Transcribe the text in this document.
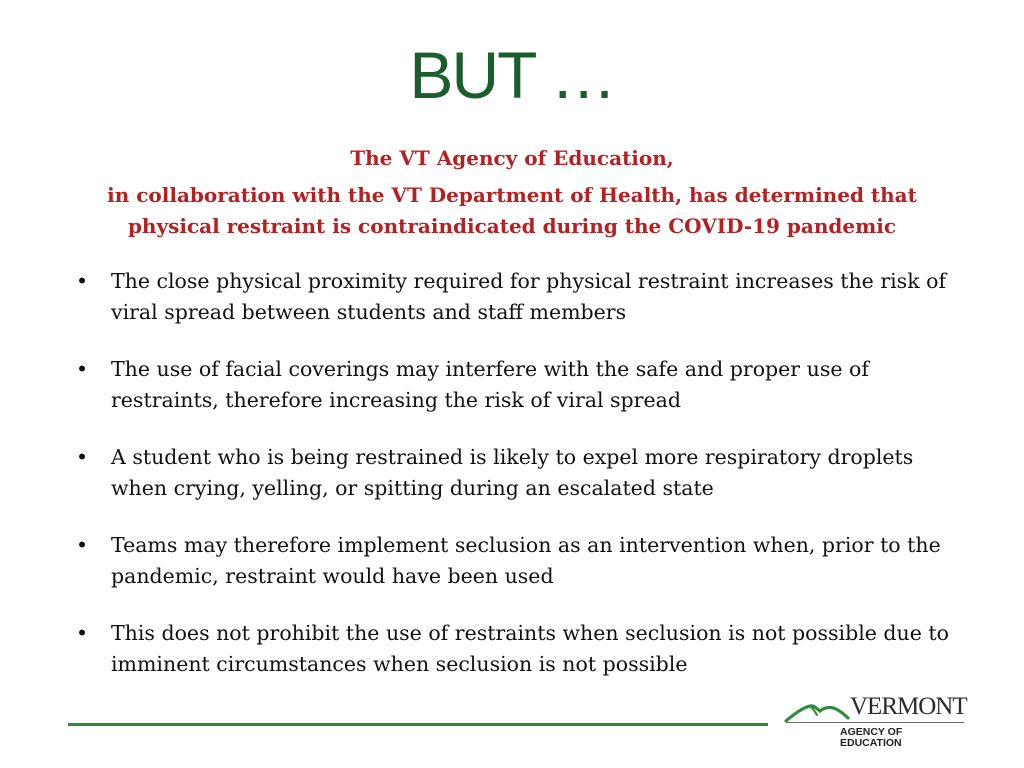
BUT …

The VT Agency of Education,
in collaboration with the VT Department of Health, has determined that physical restraint is contraindicated during the COVID-19 pandemic

• The close physical proximity required for physical restraint increases the risk of viral spread between students and staff members
• The use of facial coverings may interfere with the safe and proper use of restraints, therefore increasing the risk of viral spread
• A student who is being restrained is likely to expel more respiratory droplets when crying, yelling, or spitting during an escalated state
• Teams may therefore implement seclusion as an intervention when, prior to the pandemic, restraint would have been used
• This does not prohibit the use of restraints when seclusion is not possible due to imminent circumstances when seclusion is not possible
VERMONT
AGENCY OF EDUCATION
